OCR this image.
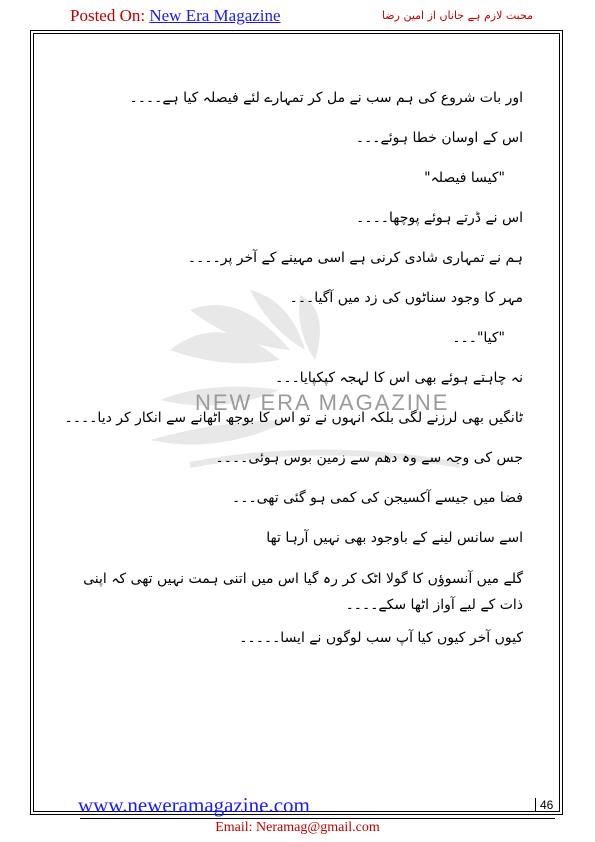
Posted On: New Era Magazine	محبت لازم ہے جاناں از امین رضا
NEW ERA MAGAZINE

اور بات شروع کی ہم سب نے مل کر تمہارے لئے فیصلہ کیا ہے۔۔۔۔

اس کے اوسان خطا ہوئے۔۔۔

"کیسا فیصلہ"

اس نے ڈرتے ہوئے پوچھا۔۔۔۔

ہم نے تمہاری شادی کرنی ہے اسی مہینے کے آخر پر۔۔۔۔

مہر کا وجود سناٹوں کی زد میں آگیا۔۔۔

"کیا"۔۔۔

نہ چاہتے ہوئے بھی اس کا لہجہ کپکپایا۔۔۔

ٹانگیں بھی لرزنے لگی بلکہ انہوں نے تو اس کا بوجھ اٹھانے سے انکار کر دیا۔۔۔۔

جس کی وجہ سے وہ دھم سے زمین بوس ہوئی۔۔۔۔

فضا میں جیسے آکسیجن کی کمی ہو گئی تھی۔۔۔

اسے سانس لینے کے باوجود بھی نہیں آرہا تھا

گلے میں آنسوؤں کا گولا اٹک کر رہ گیا اس میں اتنی ہمت نہیں تھی کہ اپنی ذات کے لیے آواز اٹھا سکے۔۔۔۔

کیوں آخر کیوں کیا آپ سب لوگوں نے ایسا۔۔۔۔۔

www.neweramagazine.com	46
Email: Neramag@gmail.com
